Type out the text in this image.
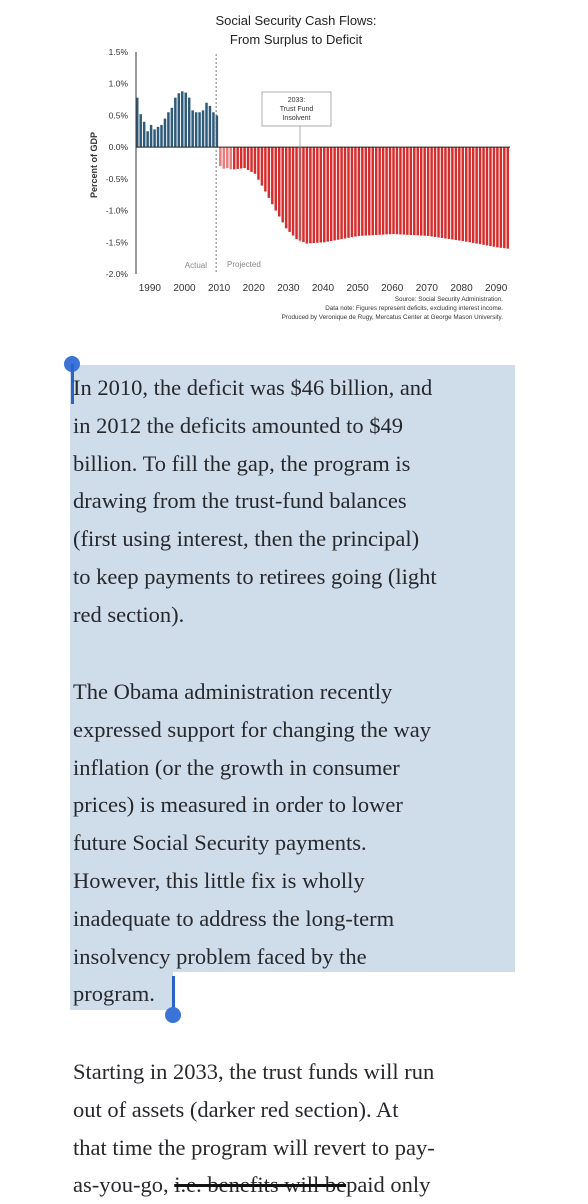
Social Security Cash Flows:
From Surplus to Deficit
Percent of GDP
1.5%
1.0%
0.5%
0.0%
-0.5%
-1.0%
-1.5%
-2.0%
1990 2000 2010 2020 2030 2040 2050 2060 2070 2080 2090
2033:
Trust Fund
Insolvent
Actual	Projected
Source: Social Security Administration.
Data note: Figures represent deficits, excluding interest income.
Produced by Veronique de Rugy, Mercatus Center at George Mason University.
In 2010, the deficit was $46 billion, and
in 2012 the deficits amounted to $49
billion. To fill the gap, the program is
drawing from the trust-fund balances
(first using interest, then the principal)
to keep payments to retirees going (light
red section).
The Obama administration recently
expressed support for changing the way
inflation (or the growth in consumer
prices) is measured in order to lower
future Social Security payments.
However, this little fix is wholly
inadequate to address the long-term
insolvency problem faced by the
program.
Starting in 2033, the trust funds will run
out of assets (darker red section). At
that time the program will revert to pay-
as-you-go, i.e. benefits will bepaid only
